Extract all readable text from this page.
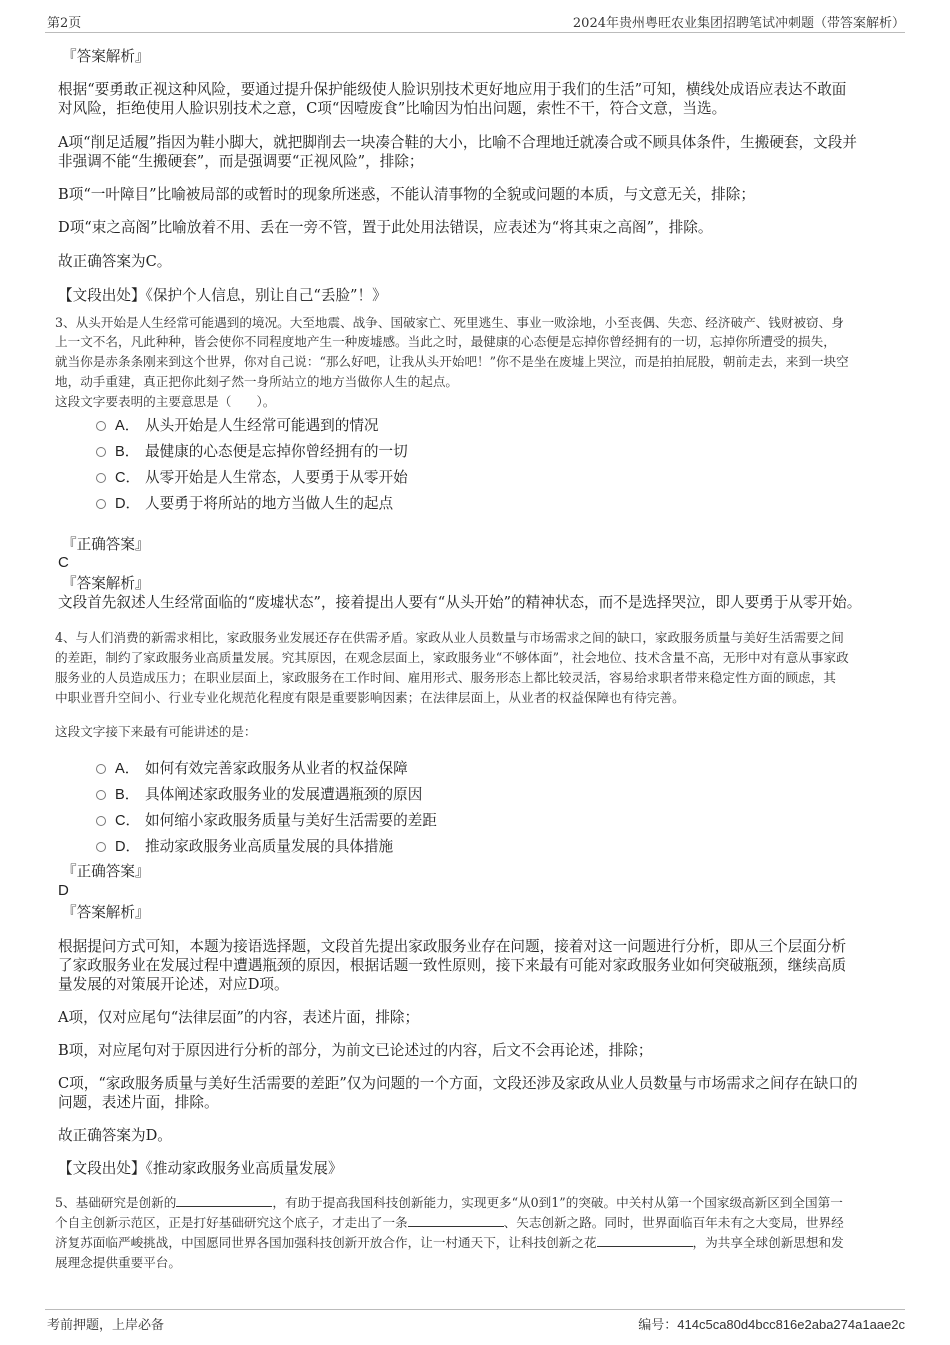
第2页	2024年贵州粤旺农业集团招聘笔试冲刺题（带答案解析）

『答案解析』

根据“要勇敢正视这种风险，要通过提升保护能级使人脸识别技术更好地应用于我们的生活”可知，横线处成语应表达不敢面

对风险，拒绝使用人脸识别技术之意，C项“因噎废食”比喻因为怕出问题，索性不干，符合文意，当选。

A项“削足适履”指因为鞋小脚大，就把脚削去一块凑合鞋的大小，比喻不合理地迁就凑合或不顾具体条件，生搬硬套，文段并

非强调不能“生搬硬套”，而是强调要“正视风险”，排除；

B项“一叶障目”比喻被局部的或暂时的现象所迷惑，不能认清事物的全貌或问题的本质，与文意无关，排除；

D项“束之高阁”比喻放着不用、丢在一旁不管，置于此处用法错误，应表述为“将其束之高阁”，排除。

故正确答案为C。

【文段出处】《保护个人信息，别让自己“丢脸”！》

3、从头开始是人生经常可能遇到的境况。大至地震、战争、国破家亡、死里逃生、事业一败涂地，小至丧偶、失恋、经济破产、钱财被窃、身

上一文不名，凡此种种，皆会使你不同程度地产生一种废墟感。当此之时，最健康的心态便是忘掉你曾经拥有的一切，忘掉你所遭受的损失，

就当你是赤条条刚来到这个世界，你对自己说：“那么好吧，让我从头开始吧！”你不是坐在废墟上哭泣，而是拍拍屁股，朝前走去，来到一块空

地，动手重建，真正把你此刻孑然一身所站立的地方当做你人生的起点。

这段文字要表明的主要意思是（　　）。

A． 从头开始是人生经常可能遇到的情况
B． 最健康的心态便是忘掉你曾经拥有的一切
C． 从零开始是人生常态，人要勇于从零开始
D． 人要勇于将所站的地方当做人生的起点

『正确答案』

C

『答案解析』

文段首先叙述人生经常面临的“废墟状态”，接着提出人要有“从头开始”的精神状态，而不是选择哭泣，即人要勇于从零开始。

4、与人们消费的新需求相比，家政服务业发展还存在供需矛盾。家政从业人员数量与市场需求之间的缺口，家政服务质量与美好生活需要之间

的差距，制约了家政服务业高质量发展。究其原因，在观念层面上，家政服务业“不够体面”，社会地位、技术含量不高，无形中对有意从事家政

服务业的人员造成压力；在职业层面上，家政服务在工作时间、雇用形式、服务形态上都比较灵活，容易给求职者带来稳定性方面的顾虑，其

中职业晋升空间小、行业专业化规范化程度有限是重要影响因素；在法律层面上，从业者的权益保障也有待完善。

这段文字接下来最有可能讲述的是：

A． 如何有效完善家政服务从业者的权益保障
B． 具体阐述家政服务业的发展遭遇瓶颈的原因
C． 如何缩小家政服务质量与美好生活需要的差距
D． 推动家政服务业高质量发展的具体措施

『正确答案』

D

『答案解析』

根据提问方式可知，本题为接语选择题，文段首先提出家政服务业存在问题，接着对这一问题进行分析，即从三个层面分析

了家政服务业在发展过程中遭遇瓶颈的原因，根据话题一致性原则，接下来最有可能对家政服务业如何突破瓶颈，继续高质

量发展的对策展开论述，对应D项。

A项，仅对应尾句“法律层面”的内容，表述片面，排除；

B项，对应尾句对于原因进行分析的部分，为前文已论述过的内容，后文不会再论述，排除；

C项，“家政服务质量与美好生活需要的差距”仅为问题的一个方面，文段还涉及家政从业人员数量与市场需求之间存在缺口的

问题，表述片面，排除。

故正确答案为D。

【文段出处】《推动家政服务业高质量发展》

5、基础研究是创新的	，有助于提高我国科技创新能力，实现更多“从0到1”的突破。中关村从第一个国家级高新区到全国第一

个自主创新示范区，正是打好基础研究这个底子，才走出了一条	、矢志创新之路。同时，世界面临百年未有之大变局，世界经

济复苏面临严峻挑战，中国愿同世界各国加强科技创新开放合作，让一村通天下，让科技创新之花	，为共享全球创新思想和发

展理念提供重要平台。

考前押题，上岸必备	编号：414c5ca80d4bcc816e2aba274a1aae2c
